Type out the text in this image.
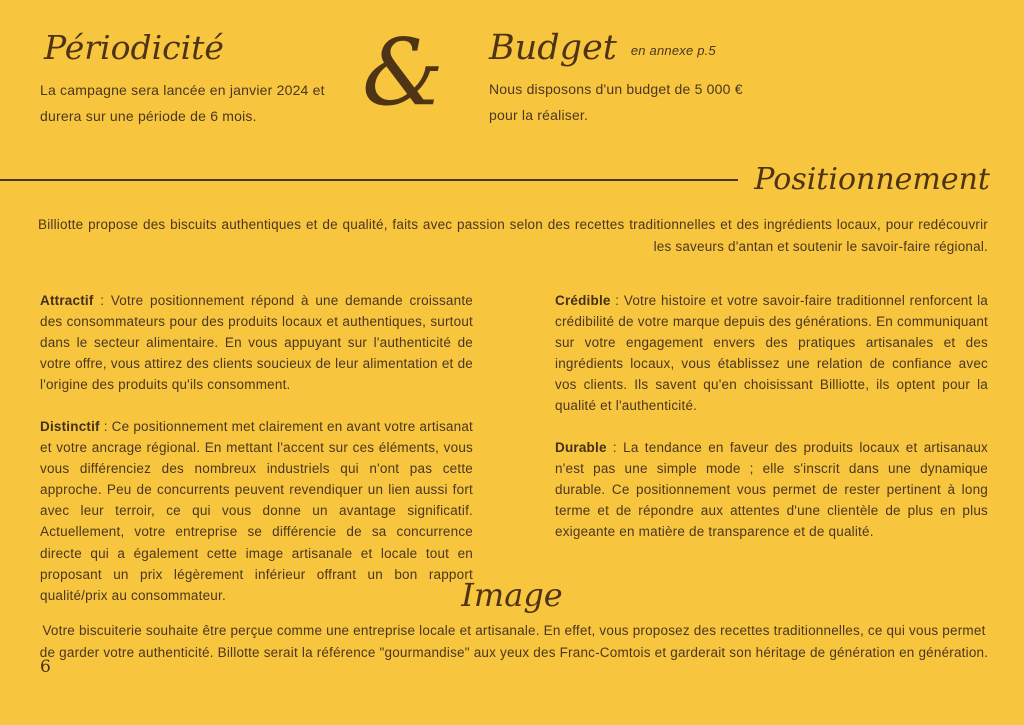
Périodicité

La campagne sera lancée en janvier 2024 et durera sur une période de 6 mois.	&	Budget en annexe p.5

Nous disposons d'un budget de 5 000 € pour la réaliser.

Positionnement

Billiotte propose des biscuits authentiques et de qualité, faits avec passion selon des recettes traditionnelles et des ingrédients locaux, pour redécouvrir les saveurs d'antan et soutenir le savoir-faire régional.

Attractif : Votre positionnement répond à une demande croissante des consommateurs pour des produits locaux et authentiques, surtout dans le secteur alimentaire. En vous appuyant sur l'authenticité de votre offre, vous attirez des clients soucieux de leur alimentation et de l'origine des produits qu'ils consomment.

Distinctif : Ce positionnement met clairement en avant votre artisanat et votre ancrage régional. En mettant l'accent sur ces éléments, vous vous différenciez des nombreux industriels qui n'ont pas cette approche. Peu de concurrents peuvent revendiquer un lien aussi fort avec leur terroir, ce qui vous donne un avantage significatif. Actuellement, votre entreprise se différencie de sa concurrence directe qui a également cette image artisanale et locale tout en proposant un prix légèrement inférieur offrant un bon rapport qualité/prix au consommateur.

Crédible : Votre histoire et votre savoir-faire traditionnel renforcent la crédibilité de votre marque depuis des générations. En communiquant sur votre engagement envers des pratiques artisanales et des ingrédients locaux, vous établissez une relation de confiance avec vos clients. Ils savent qu'en choisissant Billiotte, ils optent pour la qualité et l'authenticité.

Durable : La tendance en faveur des produits locaux et artisanaux n'est pas une simple mode ; elle s'inscrit dans une dynamique durable. Ce positionnement vous permet de rester pertinent à long terme et de répondre aux attentes d'une clientèle de plus en plus exigeante en matière de transparence et de qualité.

Image

Votre biscuiterie souhaite être perçue comme une entreprise locale et artisanale. En effet, vous proposez des recettes traditionnelles, ce qui vous permet de garder votre authenticité. Billotte serait la référence "gourmandise" aux yeux des Franc-Comtois et garderait son héritage de génération en génération.

6
